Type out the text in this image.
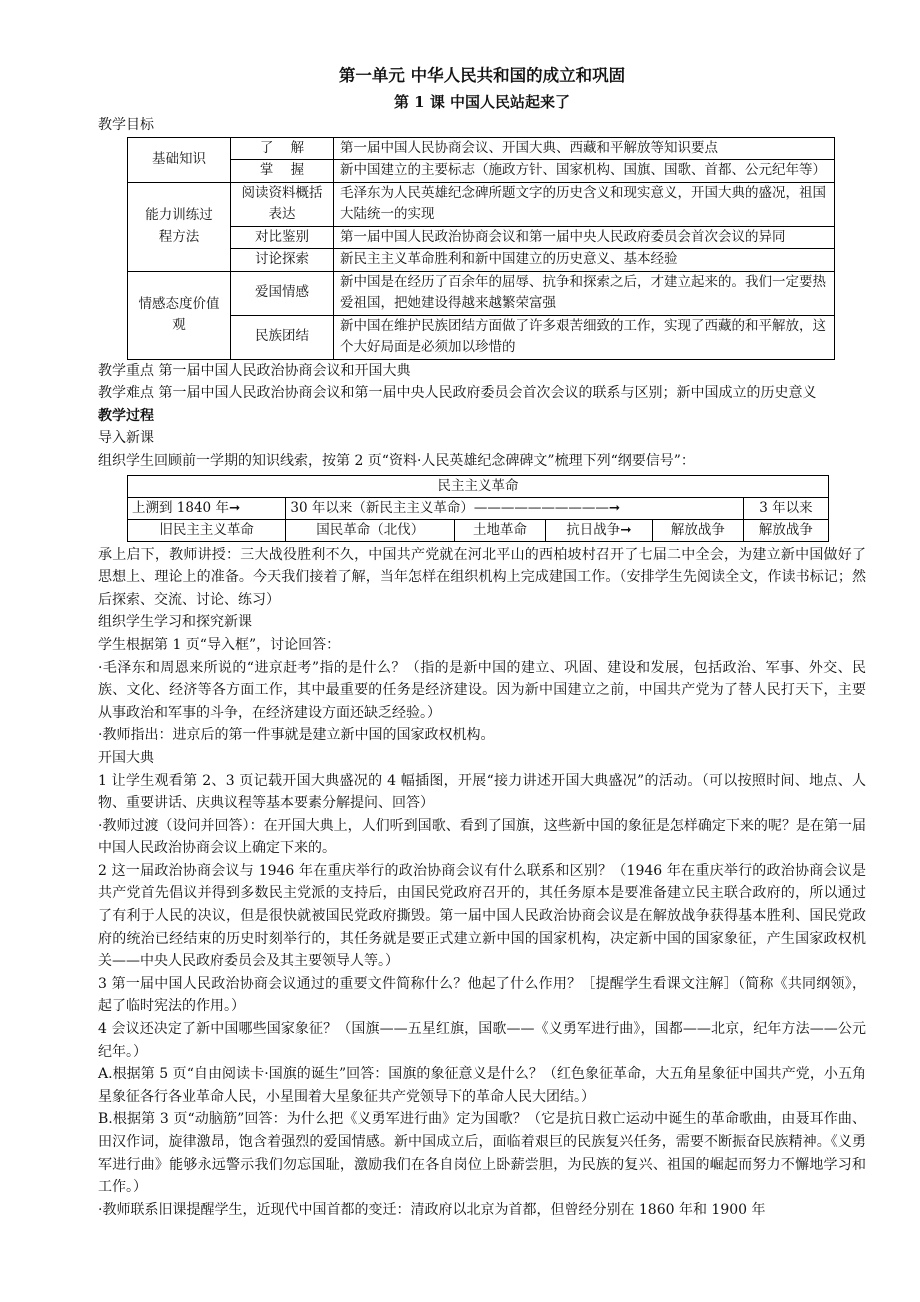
第一单元 中华人民共和国的成立和巩固
第 1 课 中国人民站起来了

教学目标

基础知识	了    解	第一届中国人民协商会议、开国大典、西藏和平解放等知识要点
	掌    握	新中国建立的主要标志（施政方针、国家机构、国旗、国歌、首都、公元纪年等）
能力训练过程方法	阅读资料概括表达	毛泽东为人民英雄纪念碑所题文字的历史含义和现实意义，开国大典的盛况，祖国大陆统一的实现
	对比鉴别	第一届中国人民政治协商会议和第一届中央人民政府委员会首次会议的异同
	讨论探索	新民主主义革命胜利和新中国建立的历史意义、基本经验
情感态度价值观	爱国情感	新中国是在经历了百余年的屈辱、抗争和探索之后，才建立起来的。我们一定要热爱祖国，把她建设得越来越繁荣富强
	民族团结	新中国在维护民族团结方面做了许多艰苦细致的工作，实现了西藏的和平解放，这个大好局面是必须加以珍惜的

教学重点 第一届中国人民政治协商会议和开国大典

教学难点 第一届中国人民政治协商会议和第一届中央人民政府委员会首次会议的联系与区别；新中国成立的历史意义

教学过程

导入新课

组织学生回顾前一学期的知识线索，按第 2 页“资料·人民英雄纪念碑碑文”梳理下列“纲要信号”：

民主主义革命					
上溯到 1840 年➞	30 年以来（新民主主义革命）——————————➞				3 年以来
旧民主主义革命	国民革命（北伐）	土地革命	抗日战争➞	解放战争	解放战争

承上启下，教师讲授：三大战役胜利不久，中国共产党就在河北平山的西柏坡村召开了七届二中全会，为建立新中国做好了思想上、理论上的准备。今天我们接着了解，当年怎样在组织机构上完成建国工作。（安排学生先阅读全文，作读书标记；然后探索、交流、讨论、练习）

组织学生学习和探究新课

学生根据第 1 页“导入框”，讨论回答：

·毛泽东和周恩来所说的“进京赶考”指的是什么？（指的是新中国的建立、巩固、建设和发展，包括政治、军事、外交、民族、文化、经济等各方面工作，其中最重要的任务是经济建设。因为新中国建立之前，中国共产党为了替人民打天下，主要从事政治和军事的斗争，在经济建设方面还缺乏经验。）

·教师指出：进京后的第一件事就是建立新中国的国家政权机构。

开国大典

1 让学生观看第 2、3 页记载开国大典盛况的 4 幅插图，开展“接力讲述开国大典盛况”的活动。（可以按照时间、地点、人物、重要讲话、庆典议程等基本要素分解提问、回答）

·教师过渡（设问并回答）：在开国大典上，人们听到国歌、看到了国旗，这些新中国的象征是怎样确定下来的呢？是在第一届中国人民政治协商会议上确定下来的。

2 这一届政治协商会议与 1946 年在重庆举行的政治协商会议有什么联系和区别？（1946 年在重庆举行的政治协商会议是共产党首先倡议并得到多数民主党派的支持后，由国民党政府召开的，其任务原本是要准备建立民主联合政府的，所以通过了有利于人民的决议，但是很快就被国民党政府撕毁。第一届中国人民政治协商会议是在解放战争获得基本胜利、国民党政府的统治已经结束的历史时刻举行的，其任务就是要正式建立新中国的国家机构，决定新中国的国家象征，产生国家政权机关——中央人民政府委员会及其主要领导人等。）

3 第一届中国人民政治协商会议通过的重要文件简称什么？他起了什么作用？［提醒学生看课文注解］（简称《共同纲领》，起了临时宪法的作用。）

4 会议还决定了新中国哪些国家象征？（国旗——五星红旗，国歌——《义勇军进行曲》，国都——北京，纪年方法——公元纪年。）

A.根据第 5 页“自由阅读卡·国旗的诞生”回答：国旗的象征意义是什么？（红色象征革命，大五角星象征中国共产党，小五角星象征各行各业革命人民，小星围着大星象征共产党领导下的革命人民大团结。）

B.根据第 3 页“动脑筋”回答：为什么把《义勇军进行曲》定为国歌？（它是抗日救亡运动中诞生的革命歌曲，由聂耳作曲、田汉作词，旋律激昂，饱含着强烈的爱国情感。新中国成立后，面临着艰巨的民族复兴任务，需要不断振奋民族精神。《义勇军进行曲》能够永远警示我们勿忘国耻，激励我们在各自岗位上卧薪尝胆，为民族的复兴、祖国的崛起而努力不懈地学习和工作。）

·教师联系旧课提醒学生，近现代中国首都的变迁：清政府以北京为首都，但曾经分别在 1860 年和 1900 年
